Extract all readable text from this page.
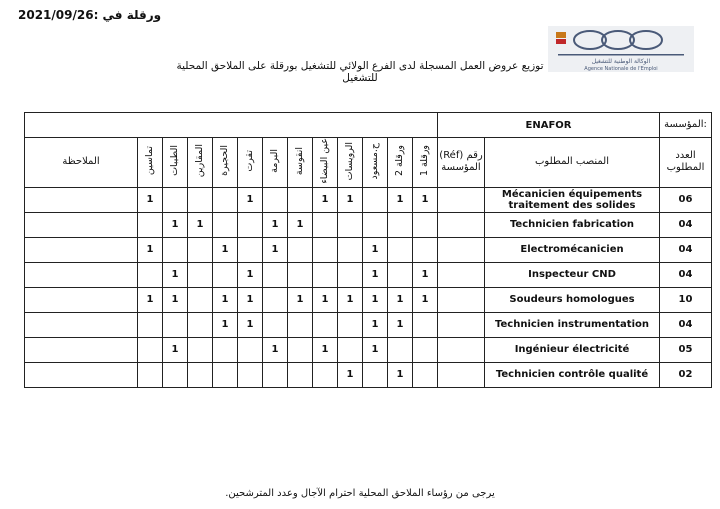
ورقلة في :2021/09/26
الوكالة الوطنية للتشغيل
Agence Nationale de l'Emploi
توزيع عروض العمل المسجلة لدى الفرع الولائي للتشغيل بورقلة على الملاحق المحلية للتشغيل
													ENAFOR		:المؤسسة
الملاحظة	تماسين	الطيبات	المقارين	الحجيرة	تقرت	البرمة	انقوسة	عين البيضاء	الرويسات	ح.مسعود	ورقلة 2	ورقلة 1	رقم (Réf) المؤسسة	المنصب المطلوب	العدد المطلوب
	1				1			1	1		1	1		Mécanicien équipements traitement des solides	06
		1	1			1	1							Technicien fabrication	04
	1			1		1				1				Electromécanicien	04
		1			1					1		1		Inspecteur CND	04
	1	1		1	1		1	1	1	1	1	1		Soudeurs homologues	10
				1	1					1	1			Technicien instrumentation	04
		1				1		1		1				Ingénieur électricité	05
									1		1			Technicien contrôle qualité	02
يرجى من رؤساء الملاحق المحلية احترام الآجال وعدد المترشحين.
